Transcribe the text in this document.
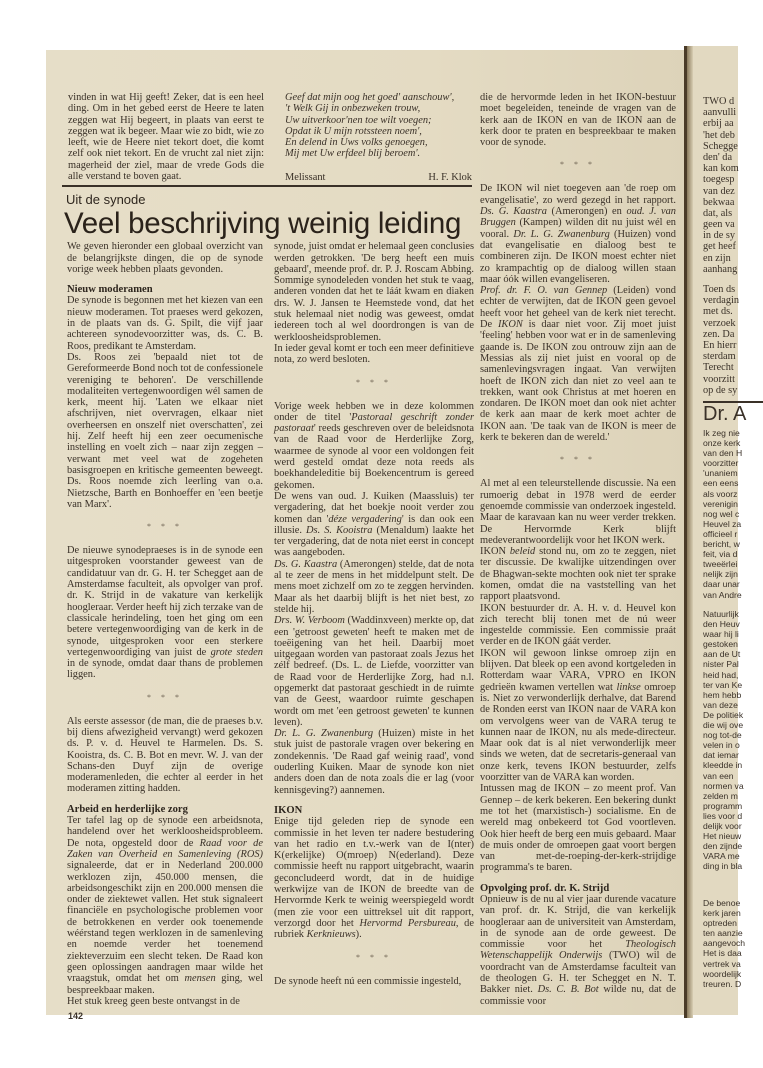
TWO d
aanvulli
erbij aa
'het deb
Schegge
den' da
kan kom
toegesp
van dez
bekwaa
dat, als
geen va
in de sy
get heef
en zijn
aanhang
Toen ds
verdagin
met ds.
verzoek
zen. Da
En hierr
sterdam
Terecht
voorzitt
op de sy
Dr. A
Ik zeg nie
onze kerk
van den H
voorzitter
'unaniem
een eens
als voorz
verenigin
nog wel c
Heuvel za
officieel r
bericht, w
feit, via d
tweeërlei
nelijk zijn
daar unar
van Andre
Natuurlijk
den Heuv
waar hij li
gestoken
aan de Ut
nister Pal
heid had,
ter van Ke
hem hebb
van deze
De politiek
die wij ove
nog tot-de
velen in o
dat iemar
kleedde in
van een
normen va
zelden m
programm
lies voor d
delijk voor
Het nieuw
den zijnde
VARA me
ding in bla
De benoe
kerk jaren
optreden
ten aanzie
aangevoch
Het is daa
vertrek va
woordelijk
treuren. D
vinden in wat Hij geeft! Zeker, dat is een heel ding. Om in het gebed eerst de Heere te laten zeggen wat Hij begeert, in plaats van eerst te zeggen wat ik begeer. Maar wie zo bidt, wie zo leeft, wie de Heere niet tekort doet, die komt zelf ook niet tekort. En de vrucht zal niet zijn: magerheid der ziel, maar de vrede Gods die alle verstand te boven gaat.
Geef dat mijn oog het goed' aanschouw',
't Welk Gij in onbezweken trouw,
Uw uitverkoor'nen toe wilt voegen;
Opdat ik U mijn rotssteen noem',
En delend in Uws volks genoegen,
Mij met Uw erfdeel blij beroem'.
Melissant	H. F. Klok
Uit de synode
Veel beschrijving weinig leiding

We geven hieronder een globaal overzicht van de belangrijkste dingen, die op de synode vorige week hebben plaats gevonden.

Nieuw moderamen

De synode is begonnen met het kiezen van een nieuw moderamen. Tot praeses werd gekozen, in de plaats van ds. G. Spilt, die vijf jaar achtereen synodevoorzitter was, ds. C. B. Roos, predikant te Amsterdam.

Ds. Roos zei 'bepaald niet tot de Gereformeerde Bond noch tot de confessionele vereniging te behoren'. De verschillende modaliteiten vertegenwoordigen wél samen de kerk, meent hij. 'Laten we elkaar niet afschrijven, niet overvragen, elkaar niet overheersen en onszelf niet overschatten', zei hij. Zelf heeft hij een zeer oecumenische instelling en voelt zich – naar zijn zeggen – verwant met veel wat de zogeheten basisgroepen en kritische gemeenten beweegt. Ds. Roos noemde zich leerling van o.a. Nietzsche, Barth en Bonhoeffer en 'een beetje van Marx'.

* * *

De nieuwe synodepraeses is in de synode een uitgesproken voorstander geweest van de candidatuur van dr. G. H. ter Schegget aan de Amsterdamse faculteit, als opvolger van prof. dr. K. Strijd in de vakature van kerkelijk hoogleraar. Verder heeft hij zich terzake van de classicale herindeling, toen het ging om een betere vertegenwoordiging van de kerk in de synode, uitgesproken voor een sterkere vertegenwoordiging van juist de grote steden in de synode, omdat daar thans de problemen liggen.

* * *

Als eerste assessor (de man, die de praeses b.v. bij diens afwezigheid vervangt) werd gekozen ds. P. v. d. Heuvel te Harmelen. Ds. S. Kooistra, ds. C. B. Bot en mevr. W. J. van der Schans-den Duyf zijn de overige moderamenleden, die echter al eerder in het moderamen zitting hadden.

Arbeid en herderlijke zorg

Ter tafel lag op de synode een arbeidsnota, handelend over het werkloosheidsprobleem. De nota, opgesteld door de Raad voor de Zaken van Overheid en Samenleving (ROS) signaleerde, dat er in Nederland 200.000 werklozen zijn, 450.000 mensen, die arbeidsongeschikt zijn en 200.000 mensen die onder de ziektewet vallen. Het stuk signaleert financiële en psychologische problemen voor de betrokkenen en verder ook toenemende wéérstand tegen werklozen in de samenleving en noemde verder het toenemend ziekteverzuim een slecht teken. De Raad kon geen oplossingen aandragen maar wilde het vraagstuk, omdat het om mensen ging, wel bespreekbaar maken.

Het stuk kreeg geen beste ontvangst in de

synode, juist omdat er helemaal geen conclusies werden getrokken. 'De berg heeft een muis gebaard', meende prof. dr. P. J. Roscam Abbing. Sommige synodeleden vonden het stuk te vaag, anderen vonden dat het te láát kwam en diaken drs. W. J. Jansen te Heemstede vond, dat het stuk helemaal niet nodig was geweest, omdat iedereen toch al wel doordrongen is van de werkloosheidsproblemen.

In ieder geval komt er toch een meer definitieve nota, zo werd besloten.

* * *

Vorige week hebben we in deze kolommen onder de titel 'Pastoraal geschrift zonder pastoraat' reeds geschreven over de beleidsnota van de Raad voor de Herderlijke Zorg, waarmee de synode al voor een voldongen feit werd gesteld omdat deze nota reeds als boekhandeleditie bij Boekencentrum is gereed gekomen.

De wens van oud. J. Kuiken (Maassluis) ter vergadering, dat het boekje nooit verder zou komen dan 'déze vergadering' is dan ook een illusie. Ds. S. Kooistra (Menaldum) laakte het ter vergadering, dat de nota niet eerst in concept was aangeboden.

Ds. G. Kaastra (Amerongen) stelde, dat de nota al te zeer de mens in het middelpunt stelt. De mens moet zichzelf om zo te zeggen hervinden. Maar als het daarbij blijft is het niet best, zo stelde hij.

Drs. W. Verboom (Waddinxveen) merkte op, dat een 'getroost geweten' heeft te maken met de toeëigening van het heil. Daarbij moet uitgegaan worden van pastoraat zoals Jezus het zélf bedreef. (Ds. L. de Liefde, voorzitter van de Raad voor de Herderlijke Zorg, had n.l. opgemerkt dat pastoraat geschiedt in de ruimte van de Geest, waardoor ruimte geschapen wordt om met 'een getroost geweten' te kunnen leven).

Dr. L. G. Zwanenburg (Huizen) miste in het stuk juist de pastorale vragen over bekering en zondekennis. 'De Raad gaf weinig raad', vond ouderling Kuiken. Maar de synode kon niet anders doen dan de nota zoals die er lag (voor kennisgeving?) aannemen.

IKON

Enige tijd geleden riep de synode een commissie in het leven ter nadere bestudering van het radio en t.v.-werk van de I(nter) K(erkelijke) O(mroep) N(ederland). Deze commissie heeft nu rapport uitgebracht, waarin geconcludeerd wordt, dat in de huidige werkwijze van de IKON de breedte van de Hervormde Kerk te weinig weerspiegeld wordt (men zie voor een uittreksel uit dit rapport, verzorgd door het Hervormd Persbureau, de rubriek Kerknieuws).

* * *

De synode heeft nú een commissie ingesteld,

die de hervormde leden in het IKON-bestuur moet begeleiden, teneinde de vragen van de kerk aan de IKON en van de IKON aan de kerk door te praten en bespreekbaar te maken voor de synode.

* * *

De IKON wil niet toegeven aan 'de roep om evangelisatie', zo werd gezegd in het rapport. Ds. G. Kaastra (Amerongen) en oud. J. van Bruggen (Kampen) wilden dit nu juist wél en vooral. Dr. L. G. Zwanenburg (Huizen) vond dat evangelisatie en dialoog best te combineren zijn. De IKON moest echter niet zo krampachtig op de dialoog willen staan maar óók willen evangeliseren.

Prof. dr. F. O. van Gennep (Leiden) vond echter de verwijten, dat de IKON geen gevoel heeft voor het geheel van de kerk niet terecht. De IKON is daar niet voor. Zij moet juist 'feeling' hebben voor wat er in de samenleving gaande is. De IKON zou ontrouw zijn aan de Messias als zij niet juist en vooral op de samenlevingsvragen ingaat. Van verwijten hoeft de IKON zich dan niet zo veel aan te trekken, want ook Christus at met hoeren en zondaren. De IKON moet dan ook niet achter de kerk aan maar de kerk moet achter de IKON aan. 'De taak van de IKON is meer de kerk te bekeren dan de wereld.'

* * *

Al met al een teleurstellende discussie. Na een rumoerig debat in 1978 werd de eerder genoemde commissie van onderzoek ingesteld. Maar de karavaan kan nu weer verder trekken. De Hervormde Kerk blijft medeverantwoordelijk voor het IKON werk.

IKON beleid stond nu, om zo te zeggen, niet ter discussie. De kwalijke uitzendingen over de Bhagwan-sekte mochten ook niet ter sprake komen, omdat die na vaststelling van het rapport plaatsvond.

IKON bestuurder dr. A. H. v. d. Heuvel kon zich terecht blij tonen met de nú weer ingestelde commissie. Een commissie praát verder en de IKON gáát verder.

IKON wil gewoon linkse omroep zijn en blijven. Dat bleek op een avond kortgeleden in Rotterdam waar VARA, VPRO en IKON gedrieën kwamen vertellen wat linkse omroep is. Niet zo verwonderlijk derhalve, dat Barend de Ronden eerst van IKON naar de VARA kon om vervolgens weer van de VARA terug te kunnen naar de IKON, nu als mede-directeur. Maar ook dat is al niet verwonderlijk meer sinds we weten, dat de secretaris-generaal van onze kerk, tevens IKON bestuurder, zelfs voorzitter van de VARA kan worden.

Intussen mag de IKON – zo meent prof. Van Gennep – de kerk bekeren. Een bekering dunkt me tot het (marxistisch-) socialisme. En de wereld mag onbekeerd tot God voortleven. Ook hier heeft de berg een muis gebaard. Maar de muis onder de omroepen gaat voort bergen van met-de-roeping-der-kerk-strijdige programma's te baren.

Opvolging prof. dr. K. Strijd

Opnieuw is de nu al vier jaar durende vacature van prof. dr. K. Strijd, die van kerkelijk hoogleraar aan de universiteit van Amsterdam, in de synode aan de orde geweest. De commissie voor het Theologisch Wetenschappelijk Onderwijs (TWO) wil de voordracht van de Amsterdamse faculteit van de theologen G. H. ter Schegget en N. T. Bakker niet. Ds. C. B. Bot wilde nu, dat de commissie voor

142
